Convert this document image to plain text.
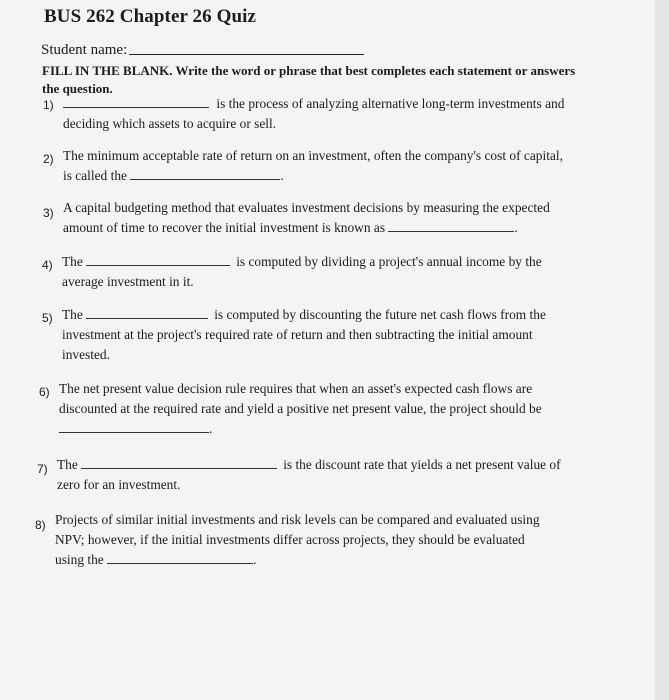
BUS 262 Chapter 26 Quiz
Student name:
FILL IN THE BLANK. Write the word or phrase that best completes each statement or answers the question.
1)	is the process of analyzing alternative long-term investments and
deciding which assets to acquire or sell.
2) The minimum acceptable rate of return on an investment, often the company's cost of capital,
is called the	.
3) A capital budgeting method that evaluates investment decisions by measuring the expected
amount of time to recover the initial investment is known as	.
4) The	is computed by dividing a project's annual income by the
average investment in it.
5) The	is computed by discounting the future net cash flows from the
investment at the project's required rate of return and then subtracting the initial amount
invested.
6) The net present value decision rule requires that when an asset's expected cash flows are
discounted at the required rate and yield a positive net present value, the project should be
.
7) The	is the discount rate that yields a net present value of
zero for an investment.
8) Projects of similar initial investments and risk levels can be compared and evaluated using
NPV; however, if the initial investments differ across projects, they should be evaluated
using the	.
